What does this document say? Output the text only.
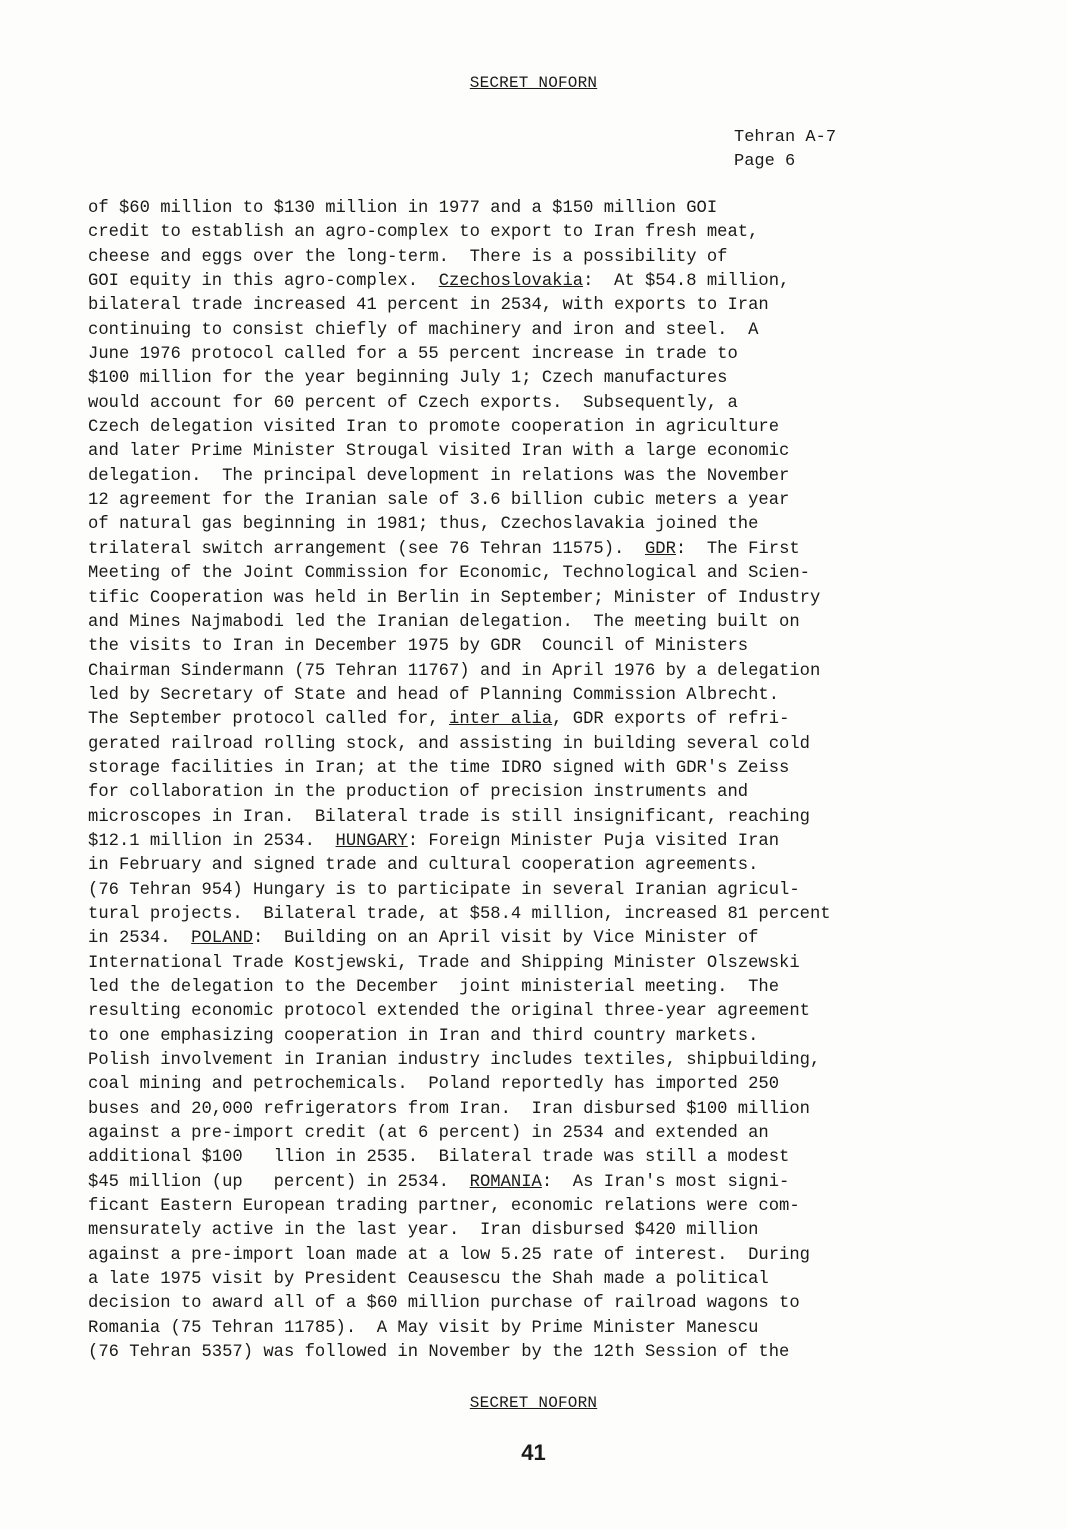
SECRET NOFORN
Tehran A-7
Page 6
of $60 million to $130 million in 1977 and a $150 million GOI
credit to establish an agro-complex to export to Iran fresh meat,
cheese and eggs over the long-term.  There is a possibility of
GOI equity in this agro-complex.  Czechoslovakia:  At $54.8 million,
bilateral trade increased 41 percent in 2534, with exports to Iran
continuing to consist chiefly of machinery and iron and steel.  A
June 1976 protocol called for a 55 percent increase in trade to
$100 million for the year beginning July 1; Czech manufactures
would account for 60 percent of Czech exports.  Subsequently, a
Czech delegation visited Iran to promote cooperation in agriculture
and later Prime Minister Strougal visited Iran with a large economic
delegation.  The principal development in relations was the November
12 agreement for the Iranian sale of 3.6 billion cubic meters a year
of natural gas beginning in 1981; thus, Czechoslavakia joined the
trilateral switch arrangement (see 76 Tehran 11575).  GDR:  The First
Meeting of the Joint Commission for Economic, Technological and Scien-
tific Cooperation was held in Berlin in September; Minister of Industry
and Mines Najmabodi led the Iranian delegation.  The meeting built on
the visits to Iran in December 1975 by GDR  Council of Ministers
Chairman Sindermann (75 Tehran 11767) and in April 1976 by a delegation
led by Secretary of State and head of Planning Commission Albrecht.
The September protocol called for, inter alia, GDR exports of refri-
gerated railroad rolling stock, and assisting in building several cold
storage facilities in Iran; at the time IDRO signed with GDR's Zeiss
for collaboration in the production of precision instruments and
microscopes in Iran.  Bilateral trade is still insignificant, reaching
$12.1 million in 2534.  HUNGARY: Foreign Minister Puja visited Iran
in February and signed trade and cultural cooperation agreements.
(76 Tehran 954) Hungary is to participate in several Iranian agricul-
tural projects.  Bilateral trade, at $58.4 million, increased 81 percent
in 2534.  POLAND:  Building on an April visit by Vice Minister of
International Trade Kostjewski, Trade and Shipping Minister Olszewski
led the delegation to the December  joint ministerial meeting.  The
resulting economic protocol extended the original three-year agreement
to one emphasizing cooperation in Iran and third country markets.
Polish involvement in Iranian industry includes textiles, shipbuilding,
coal mining and petrochemicals.  Poland reportedly has imported 250
buses and 20,000 refrigerators from Iran.  Iran disbursed $100 million
against a pre-import credit (at 6 percent) in 2534 and extended an
additional $100   llion in 2535.  Bilateral trade was still a modest
$45 million (up   percent) in 2534.  ROMANIA:  As Iran's most signi-
ficant Eastern European trading partner, economic relations were com-
mensurately active in the last year.  Iran disbursed $420 million
against a pre-import loan made at a low 5.25 rate of interest.  During
a late 1975 visit by President Ceausescu the Shah made a political
decision to award all of a $60 million purchase of railroad wagons to
Romania (75 Tehran 11785).  A May visit by Prime Minister Manescu
(76 Tehran 5357) was followed in November by the 12th Session of the
SECRET NOFORN
41
